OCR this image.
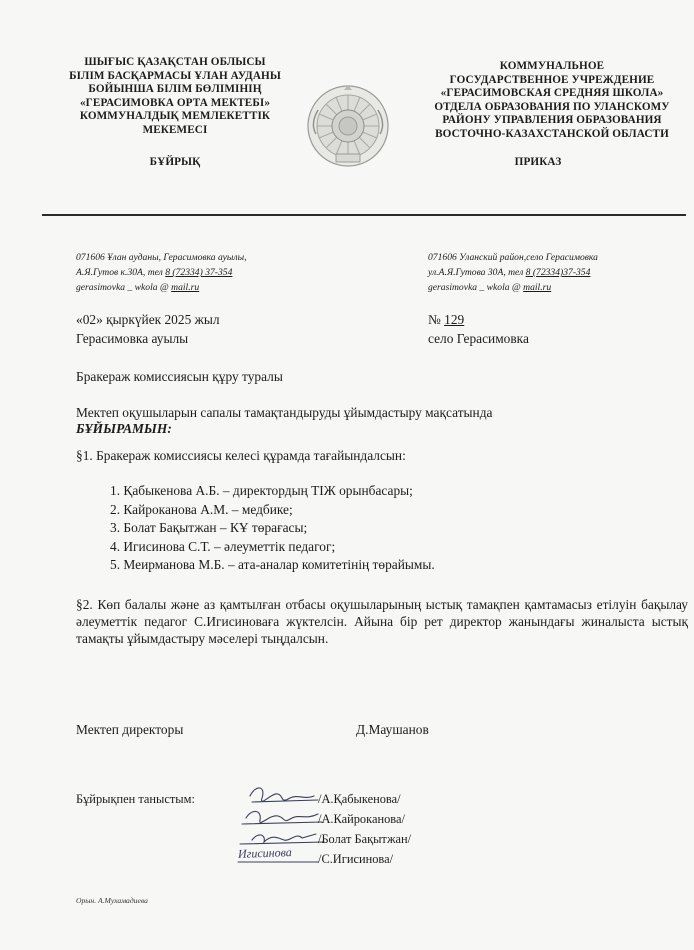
ШЫҒЫС ҚАЗАҚСТАН ОБЛЫСЫ
БІЛІМ БАСҚАРМАСЫ ҰЛАН АУДАНЫ
БОЙЫНША БІЛІМ БӨЛІМІНІҢ
«ГЕРАСИМОВКА ОРТА МЕКТЕБІ»
КОММУНАЛДЫҚ МЕМЛЕКЕТТІК
МЕКЕМЕСІ
БҰЙРЫҚ
КОММУНАЛЬНОЕ
ГОСУДАРСТВЕННОЕ УЧРЕЖДЕНИЕ
«ГЕРАСИМОВСКАЯ СРЕДНЯЯ ШКОЛА»
ОТДЕЛА ОБРАЗОВАНИЯ ПО УЛАНСКОМУ
РАЙОНУ УПРАВЛЕНИЯ ОБРАЗОВАНИЯ
ВОСТОЧНО-КАЗАХСТАНСКОЙ ОБЛАСТИ
ПРИКАЗ
071606 Ұлан ауданы, Герасимовка ауылы,
А.Я.Гутов к.30А, тел 8 (72334) 37-354
gerasimovka _ wkola @ mail.ru
071606 Уланский район,село Герасимовка
ул.А.Я.Гутова 30А, тел 8 (72334)37-354
gerasimovka _ wkola @ mail.ru
«02» қыркүйек 2025 жыл
Герасимовка ауылы
№ 129
село Герасимовка
Бракераж комиссиясын құру туралы
Мектеп оқушыларын сапалы тамақтандыруды ұйымдастыру мақсатында
БҰЙЫРАМЫН:
§1. Бракераж комиссиясы келесі құрамда тағайындалсын:
1. Қабыкенова А.Б. – директордың ТІЖ орынбасары;
2. Кайроканова А.М. – медбике;
3. Болат Бақытжан – КҰ төрағасы;
4. Игисинова С.Т. – әлеуметтік педагог;
5. Меирманова М.Б. – ата-аналар комитетінің төрайымы.
§2. Көп балалы және аз қамтылған отбасы оқушыларының ыстық тамақпен қамтамасыз етілуін бақылау әлеуметтік педагог С.Игисиноваға жүктелсін. Айына бір рет директор жанындағы жиналыста ыстық тамақты ұйымдастыру мәселері тыңдалсын.
Мектеп директоры	Д.Маушанов
Бұйрықпен таныстым:
Игисинова
/А.Қабыкенова/
/А.Кайроканова/
/Болат Бақытжан/
/С.Игисинова/
Орын. А.Мухамадиева
